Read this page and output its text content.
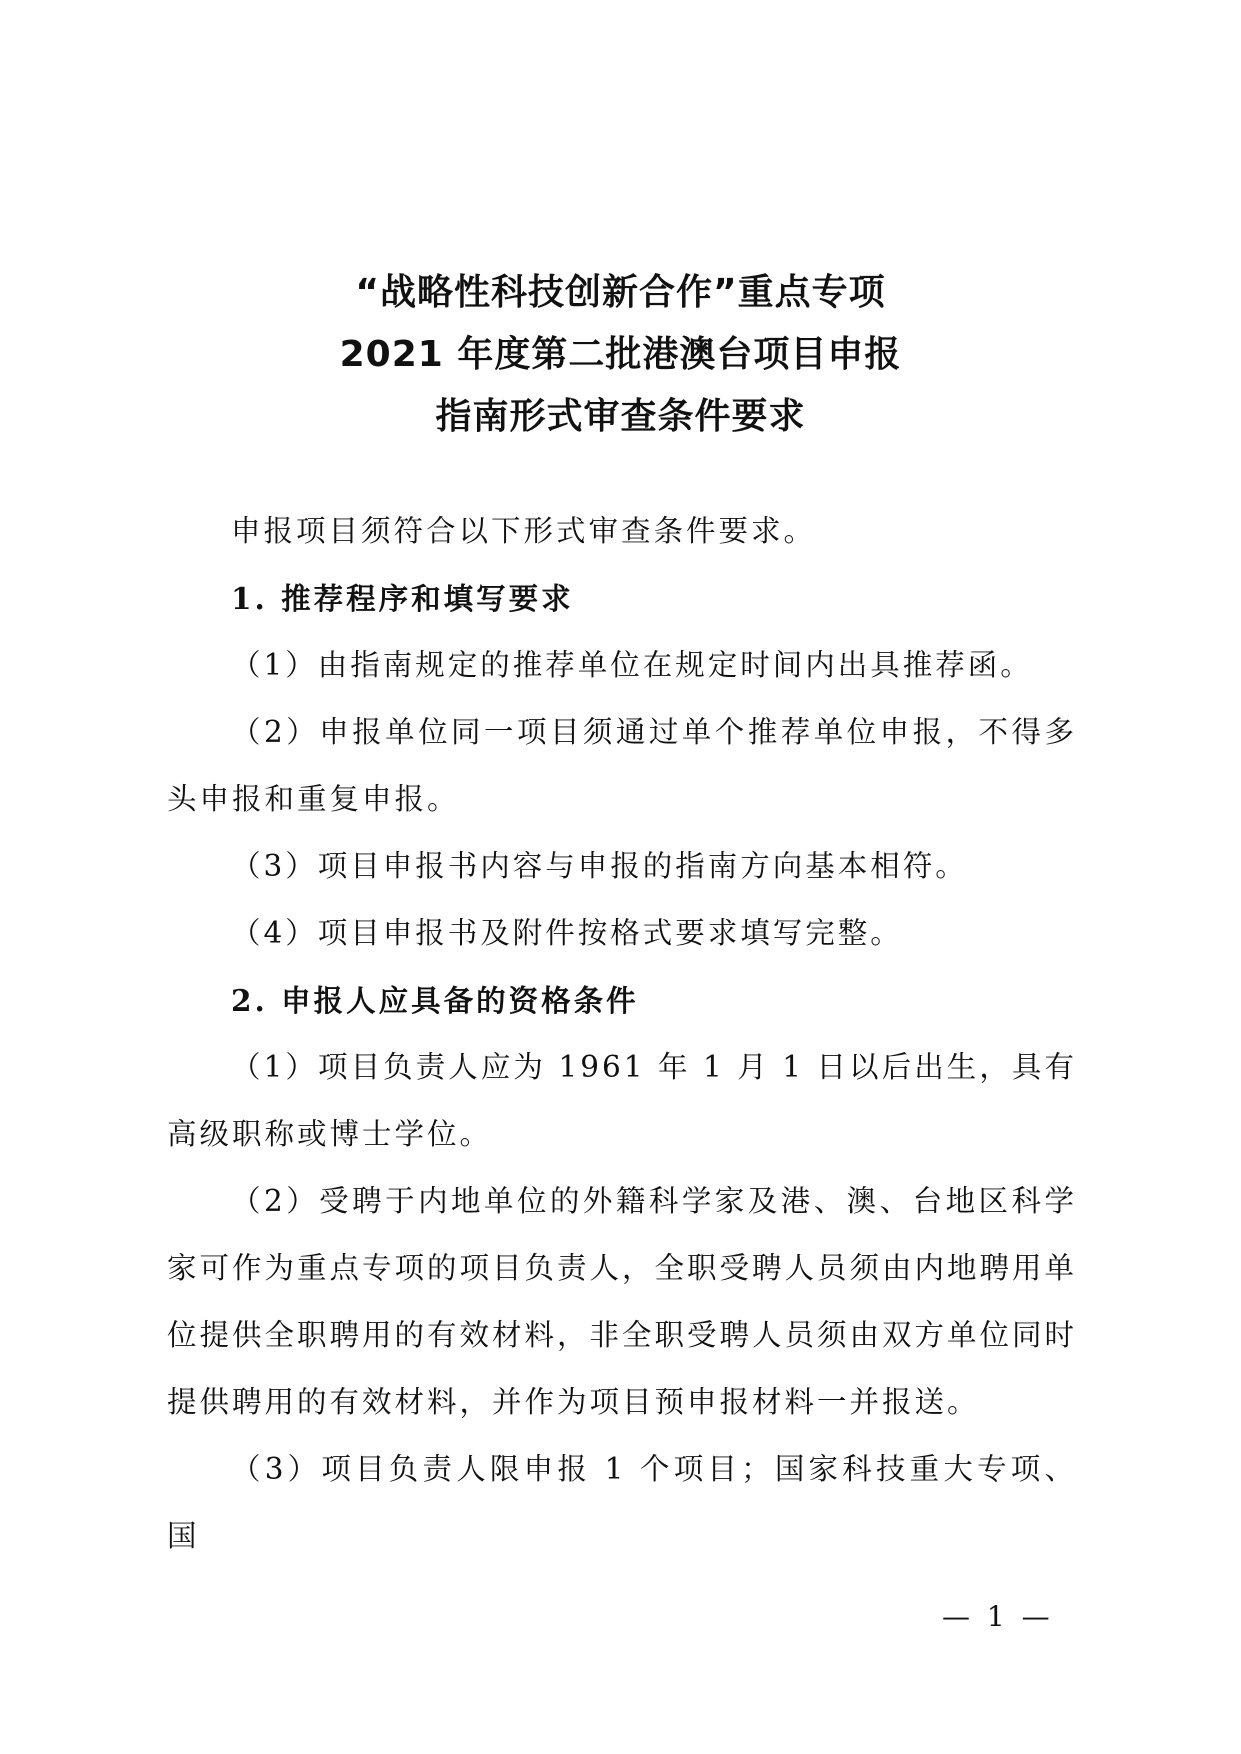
“战略性科技创新合作”重点专项
2021 年度第二批港澳台项目申报
指南形式审查条件要求

申报项目须符合以下形式审查条件要求。

1. 推荐程序和填写要求

（1）由指南规定的推荐单位在规定时间内出具推荐函。

（2）申报单位同一项目须通过单个推荐单位申报，不得多头申报和重复申报。

（3）项目申报书内容与申报的指南方向基本相符。

（4）项目申报书及附件按格式要求填写完整。

2. 申报人应具备的资格条件

（1）项目负责人应为 1961 年 1 月 1 日以后出生，具有高级职称或博士学位。

（2）受聘于内地单位的外籍科学家及港、澳、台地区科学家可作为重点专项的项目负责人，全职受聘人员须由内地聘用单位提供全职聘用的有效材料，非全职受聘人员须由双方单位同时提供聘用的有效材料，并作为项目预申报材料一并报送。

（3）项目负责人限申报 1 个项目；国家科技重大专项、国

— 1 —
